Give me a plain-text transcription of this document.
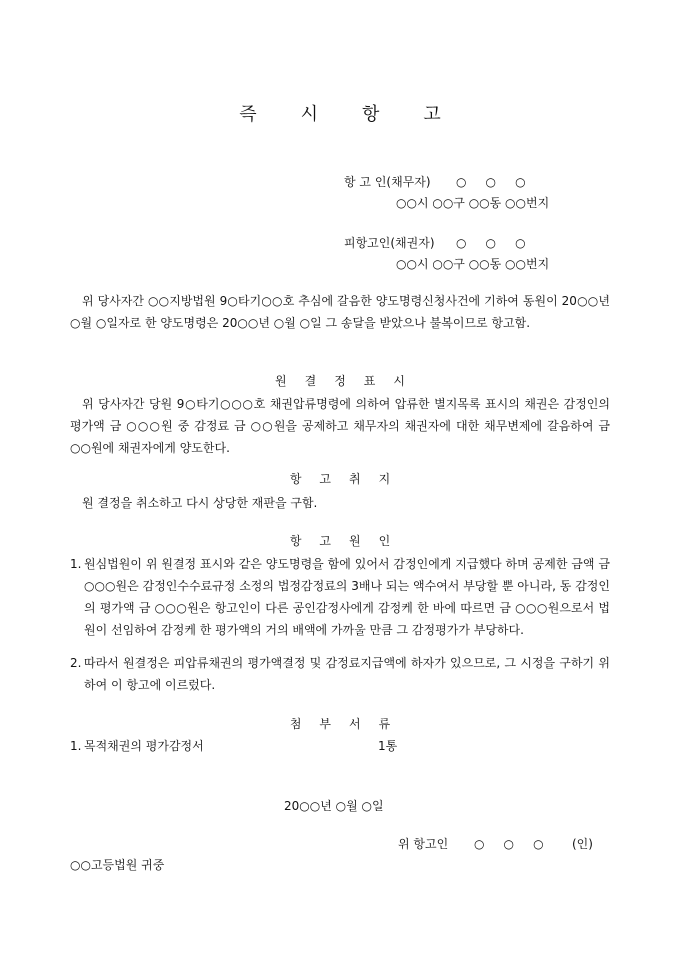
즉 시 항 고
항 고 인(채무자) ○     ○     ○
○○시 ○○구 ○○동 ○○번지
피항고인(채권자) ○     ○     ○
○○시 ○○구 ○○동 ○○번지
위 당사자간 ○○지방법원 9○타기○○호 추심에 갈음한 양도명령신청사건에 기하여 동원이 20○○년 ○월 ○일자로 한 양도명령은 20○○년 ○월 ○일 그 송달을 받았으나 불복이므로 항고함.
원 결 정 표 시
위 당사자간 당원 9○타기○○○호 채권압류명령에 의하여 압류한 별지목록 표시의 채권은 감정인의 평가액 금 ○○○원 중 감정료 금 ○○원을 공제하고 채무자의 채권자에 대한 채무변제에 갈음하여 금 ○○원에 채권자에게 양도한다.
항 고 취 지
원 결정을 취소하고 다시 상당한 재판을 구함.
항 고 원 인
1. 원심법원이 위 원결정 표시와 같은 양도명령을 함에 있어서 감정인에게 지급했다 하며 공제한 금액 금 ○○○원은 감정인수수료규정 소정의 법정감정료의 3배나 되는 액수여서 부당할 뿐 아니라, 동 감정인의 평가액 금 ○○○원은 항고인이 다른 공인감정사에게 감정케 한 바에 따르면 금 ○○○원으로서 법원이 선임하여 감정케 한 평가액의 거의 배액에 가까울 만큼 그 감정평가가 부당하다.
2. 따라서 원결정은 피압류채권의 평가액결정 및 감정료지급액에 하자가 있으므로, 그 시정을 구하기 위하여 이 항고에 이르렀다.
첨 부 서 류
1. 목적채권의 평가감정서	1통
20○○년 ○월 ○일
위 항고인 ○     ○     ○ (인)
○○고등법원 귀중
